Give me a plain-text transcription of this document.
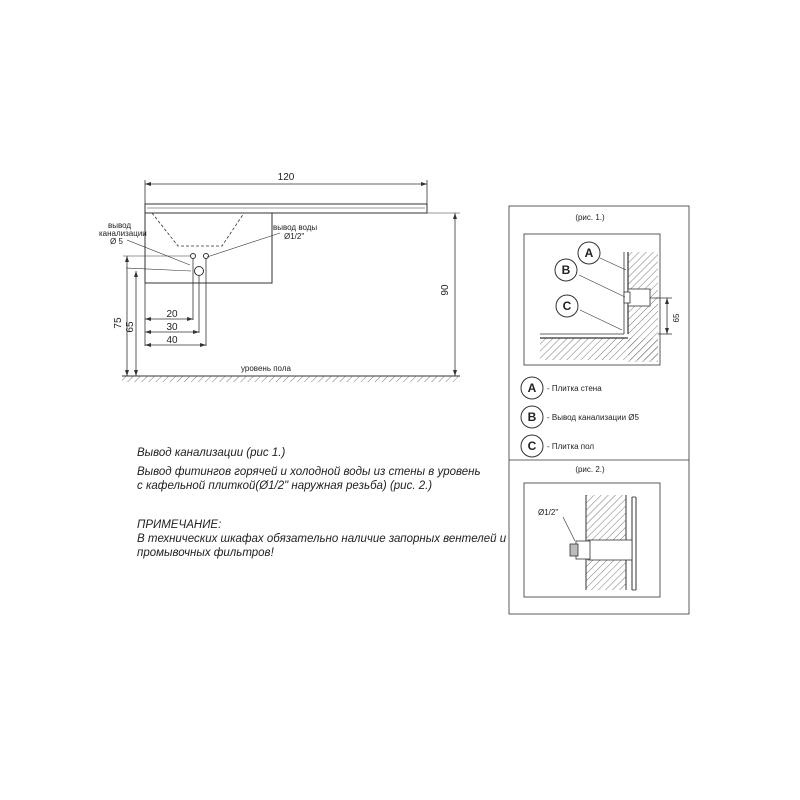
120
90
75 65
20
30
40
вывод
канализации
Ø 5
вывод воды
Ø1/2"
уровень пола
Вывод канализации (рис 1.)
Вывод фитингов горячей и холодной воды из стены в уровень
с кафельной плиткой(Ø1/2" наружная резьба) (рис. 2.)
ПРИМЕЧАНИЕ:
В технических шкафах обязательно наличие запорных вентелей и
промывочных фильтров!
(рис. 1.)
A
B
C
65
A
B
C
- Плитка стена
- Вывод канализации Ø5
- Плитка пол
(рис. 2.)
Ø1/2"
